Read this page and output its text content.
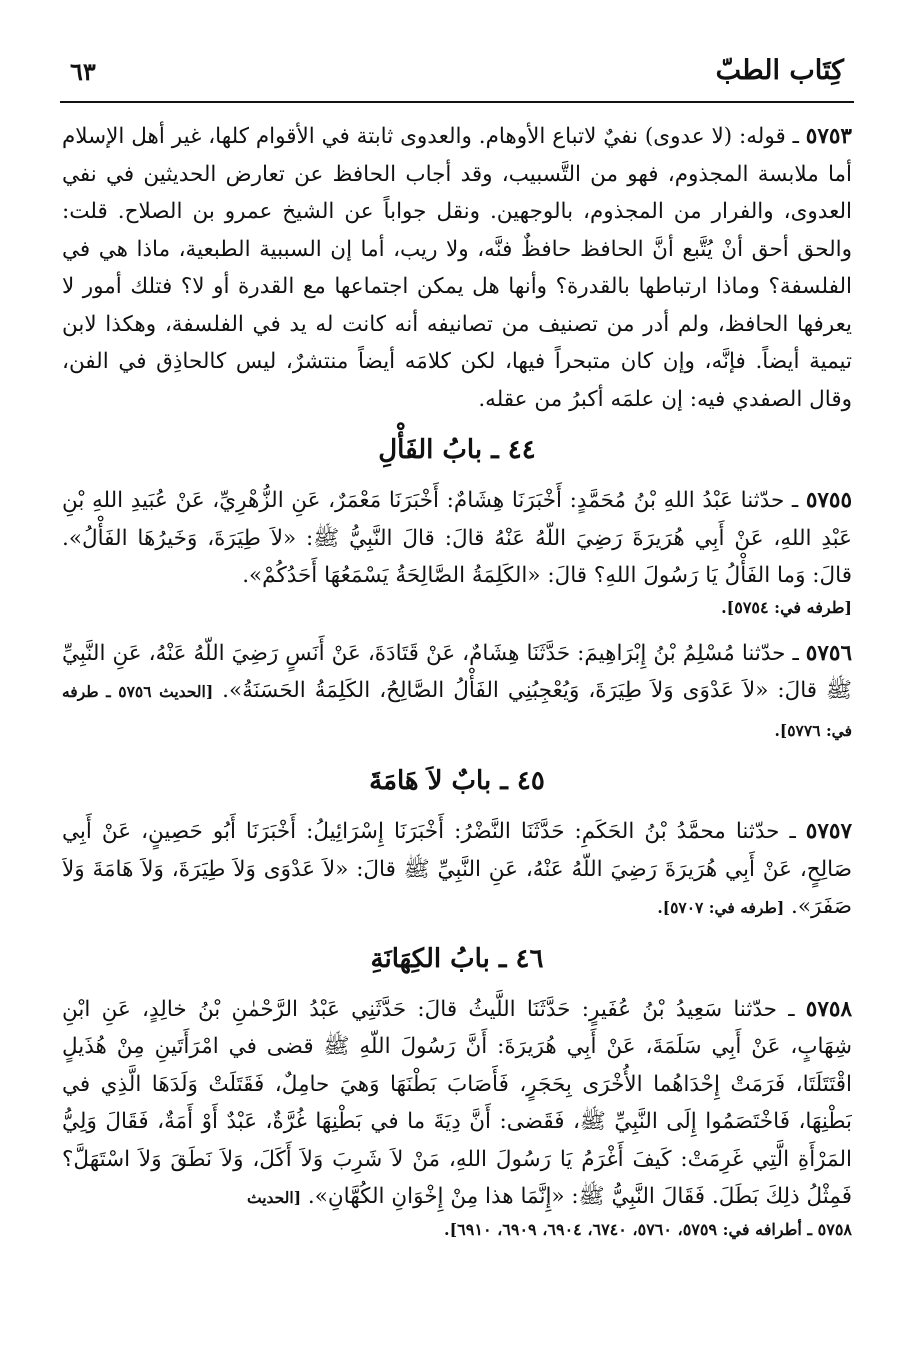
كِتَاب الطبّ
٦٣

٥٧٥٣ ـ قوله: (لا عدوى) نفيٌ لاتباع الأوهام. والعدوى ثابتة في الأقوام كلها، غير أهل الإسلام أما ملابسة المجذوم، فهو من التَّسبيب، وقد أجاب الحافظ عن تعارض الحديثين في نفي العدوى، والفرار من المجذوم، بالوجهين. ونقل جواباً عن الشيخ عمرو بن الصلاح. قلت: والحق أحق أنْ يُتَّبع أنَّ الحافظ حافظٌ فنَّه، ولا ريب، أما إن السببية الطبعية، ماذا هي في الفلسفة؟ وماذا ارتباطها بالقدرة؟ وأنها هل يمكن اجتماعها مع القدرة أو لا؟ فتلك أمور لا يعرفها الحافظ، ولم أدر من تصنيف من تصانيفه أنه كانت له يد في الفلسفة، وهكذا لابن تيمية أيضاً. فإنَّه، وإن كان متبحراً فيها، لكن كلامَه أيضاً منتشرٌ، ليس كالحاذِق في الفن، وقال الصفدي فيه: إن علمَه أكبرُ من عقله.

٤٤ ـ بابُ الفَأْلِ

٥٧٥٥ ـ حدّثنا عَبْدُ اللهِ بْنُ مُحَمَّدٍ: أَخْبَرَنَا هِشَامٌ: أَخْبَرَنَا مَعْمَرٌ، عَنِ الزُّهْرِيِّ، عَنْ عُبَيدِ اللهِ بْنِ عَبْدِ اللهِ، عَنْ أَبِي هُرَيرَةَ رَضِيَ اللّهُ عَنْهُ قالَ: قالَ النَّبِيُّ ﷺ: «لاَ طِيَرَةَ، وَخَيرُهَا الفَأْلُ». قالَ: وَما الفَأْلُ يَا رَسُولَ اللهِ؟ قالَ: «الكَلِمَةُ الصَّالِحَةُ يَسْمَعُهَا أَحَدُكُمْ».

[طرفه في: ٥٧٥٤].

٥٧٥٦ ـ حدّثنا مُسْلِمُ بْنُ إِبْرَاهِيمَ: حَدَّثَنَا هِشَامٌ، عَنْ قَتَادَةَ، عَنْ أَنَسٍ رَضِيَ اللّهُ عَنْهُ، عَنِ النَّبِيِّ ﷺ قالَ: «لاَ عَدْوَى وَلاَ طِيَرَةَ، وَيُعْجِبُنِي الفَأْلُ الصَّالِحُ، الكَلِمَةُ الحَسَنَةُ». [الحديث ٥٧٥٦ ـ طرفه في: ٥٧٧٦].

٤٥ ـ بابٌ لاَ هَامَةَ

٥٧٥٧ ـ حدّثنا محمَّدُ بْنُ الحَكَمِ: حَدَّثَنَا النَّضْرُ: أَخْبَرَنَا إِسْرَائِيلُ: أَخْبَرَنَا أَبُو حَصِينٍ، عَنْ أَبِي صَالِحٍ، عَنْ أَبِي هُرَيرَةَ رَضِيَ اللّهُ عَنْهُ، عَنِ النَّبِيِّ ﷺ قالَ: «لاَ عَدْوَى وَلاَ طِيَرَةَ، وَلاَ هَامَةَ وَلاَ صَفَرَ». [طرفه في: ٥٧٠٧].

٤٦ ـ بابُ الكِهَانَةِ

٥٧٥٨ ـ حدّثنا سَعِيدُ بْنُ عُفَيرٍ: حَدَّثَنَا اللَّيثُ قالَ: حَدَّثَنِي عَبْدُ الرَّحْمٰنِ بْنُ خالِدٍ، عَنِ ابْنِ شِهَابٍ، عَنْ أَبِي سَلَمَةَ، عَنْ أَبِي هُرَيرَةَ: أَنَّ رَسُولَ اللّهِ ﷺ قضى في امْرَأَتَينِ مِنْ هُذَيلٍ اقْتَتَلَتَا، فَرَمَتْ إِحْدَاهُما الأُخْرَى بِحَجَرٍ، فَأَصَابَ بَطْنَهَا وَهيَ حامِلٌ، فَقَتَلَتْ وَلَدَهَا الَّذِي في بَطْنِهَا، فَاخْتَصَمُوا إِلَى النَّبِيِّ ﷺ، فَقَضى: أَنَّ دِيَةَ ما في بَطْنِهَا غُرَّةٌ، عَبْدٌ أَوْ أَمَةٌ، فَقَالَ وَلِيُّ المَرْأَةِ الَّتِي غَرِمَتْ: كَيفَ أَغْرَمُ يَا رَسُولَ اللهِ، مَنْ لاَ شَرِبَ وَلاَ أَكَلَ، وَلاَ نَطَقَ وَلاَ اسْتَهَلَّ؟ فَمِثْلُ ذلِكَ بَطَلَ. فَقَالَ النَّبِيُّ ﷺ: «إِنَّمَا هذا مِنْ إِخْوَانِ الكُهَّانِ». [الحديث

٥٧٥٨ ـ أطرافه في: ٥٧٥٩، ٥٧٦٠، ٦٧٤٠، ٦٩٠٤، ٦٩٠٩، ٦٩١٠].
